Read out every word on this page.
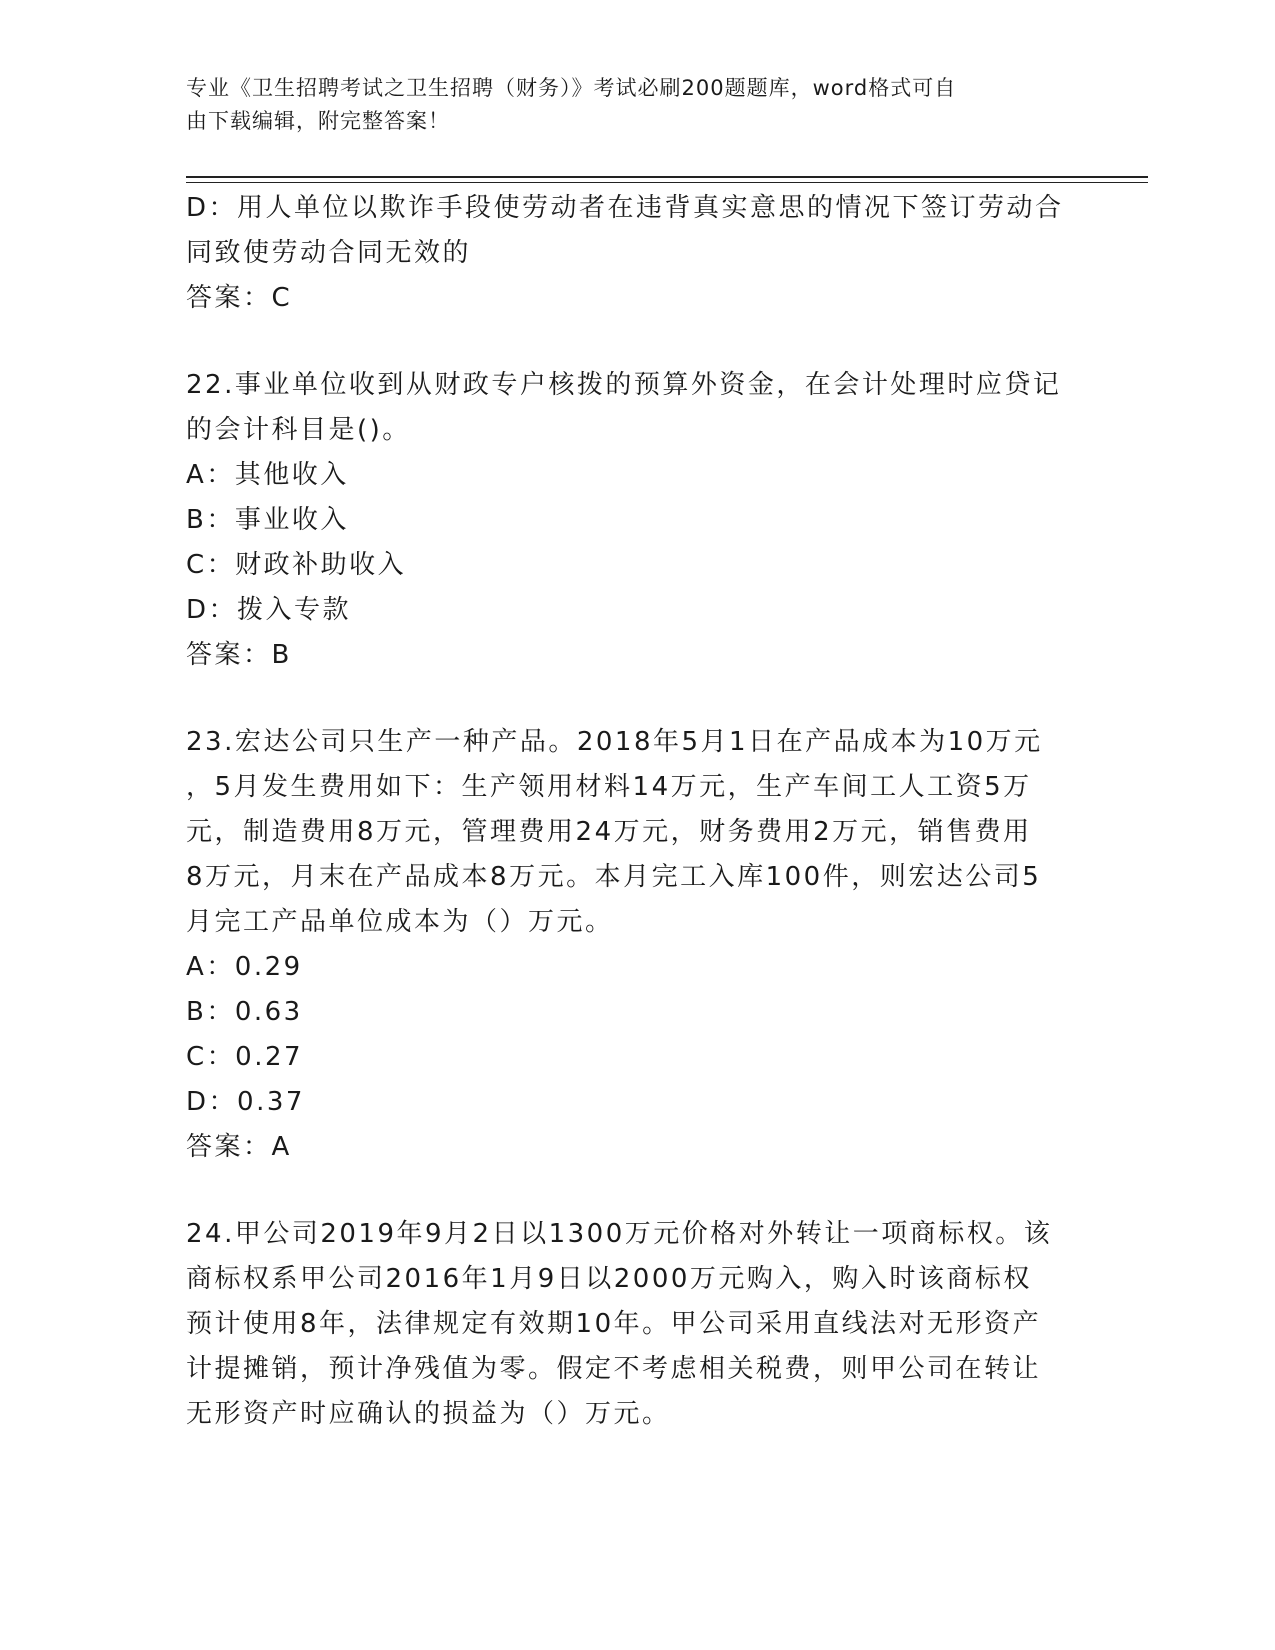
专业《卫生招聘考试之卫生招聘（财务）》考试必刷200题题库，word格式可自
由下载编辑，附完整答案！

D：用人单位以欺诈手段使劳动者在违背真实意思的情况下签订劳动合

同致使劳动合同无效的

答案：C

22.事业单位收到从财政专户核拨的预算外资金，在会计处理时应贷记

的会计科目是()。

A：其他收入

B：事业收入

C：财政补助收入

D：拨入专款

答案：B

23.宏达公司只生产一种产品。2018年5月1日在产品成本为10万元

，5月发生费用如下：生产领用材料14万元，生产车间工人工资5万

元，制造费用8万元，管理费用24万元，财务费用2万元，销售费用

8万元，月末在产品成本8万元。本月完工入库100件，则宏达公司5

月完工产品单位成本为（）万元。

A：0.29

B：0.63

C：0.27

D：0.37

答案：A

24.甲公司2019年9月2日以1300万元价格对外转让一项商标权。该

商标权系甲公司2016年1月9日以2000万元购入，购入时该商标权

预计使用8年，法律规定有效期10年。甲公司采用直线法对无形资产

计提摊销，预计净残值为零。假定不考虑相关税费，则甲公司在转让

无形资产时应确认的损益为（）万元。
